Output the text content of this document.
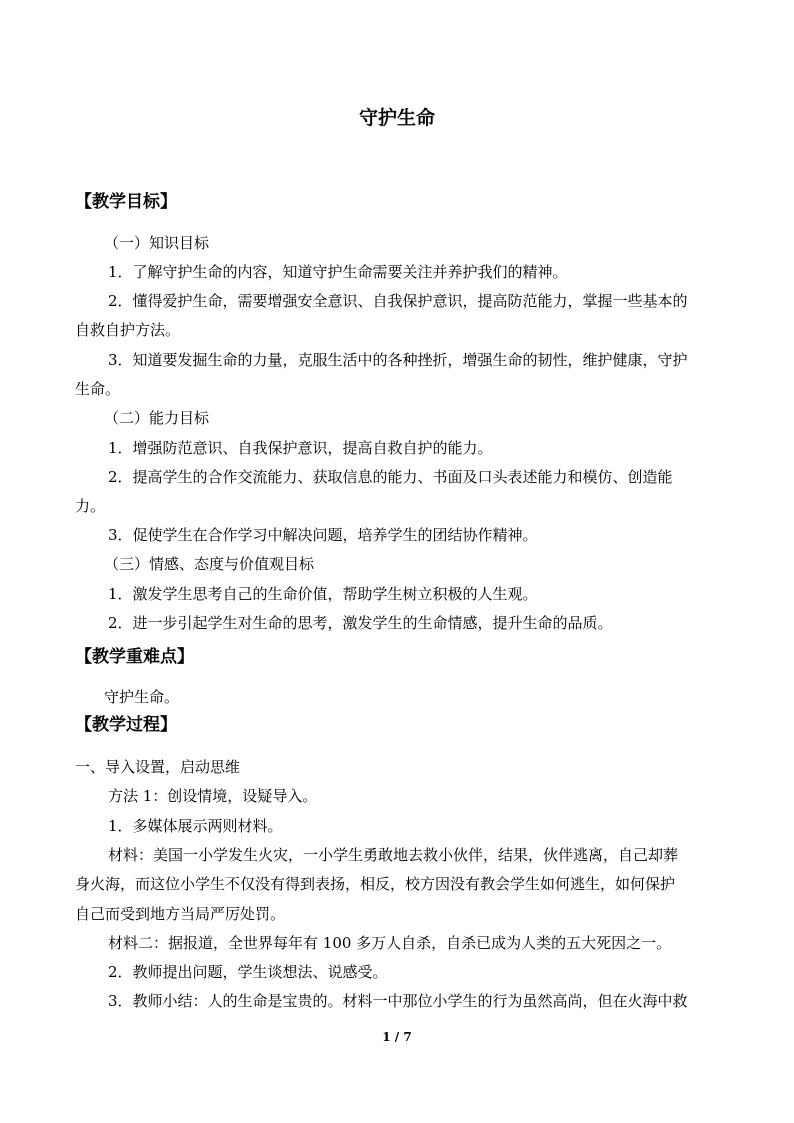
守护生命
【教学目标】
（一）知识目标
1．了解守护生命的内容，知道守护生命需要关注并养护我们的精神。
2．懂得爱护生命，需要增强安全意识、自我保护意识，提高防范能力，掌握一些基本的
自救自护方法。
3．知道要发掘生命的力量，克服生活中的各种挫折，增强生命的韧性，维护健康，守护
生命。
（二）能力目标
1．增强防范意识、自我保护意识，提高自救自护的能力。
2．提高学生的合作交流能力、获取信息的能力、书面及口头表述能力和模仿、创造能
力。
3．促使学生在合作学习中解决问题，培养学生的团结协作精神。
（三）情感、态度与价值观目标
1．激发学生思考自己的生命价值，帮助学生树立积极的人生观。
2．进一步引起学生对生命的思考，激发学生的生命情感，提升生命的品质。
【教学重难点】
守护生命。
【教学过程】
一、导入设置，启动思维
方法 1：创设情境，设疑导入。
1．多媒体展示两则材料。
材料：美国一小学发生火灾，一小学生勇敢地去救小伙伴，结果，伙伴逃离，自己却葬
身火海，而这位小学生不仅没有得到表扬，相反，校方因没有教会学生如何逃生，如何保护
自己而受到地方当局严厉处罚。
材料二：据报道，全世界每年有 100 多万人自杀，自杀已成为人类的五大死因之一。
2．教师提出问题，学生谈想法、说感受。
3．教师小结：人的生命是宝贵的。材料一中那位小学生的行为虽然高尚，但在火海中救
1 / 7
